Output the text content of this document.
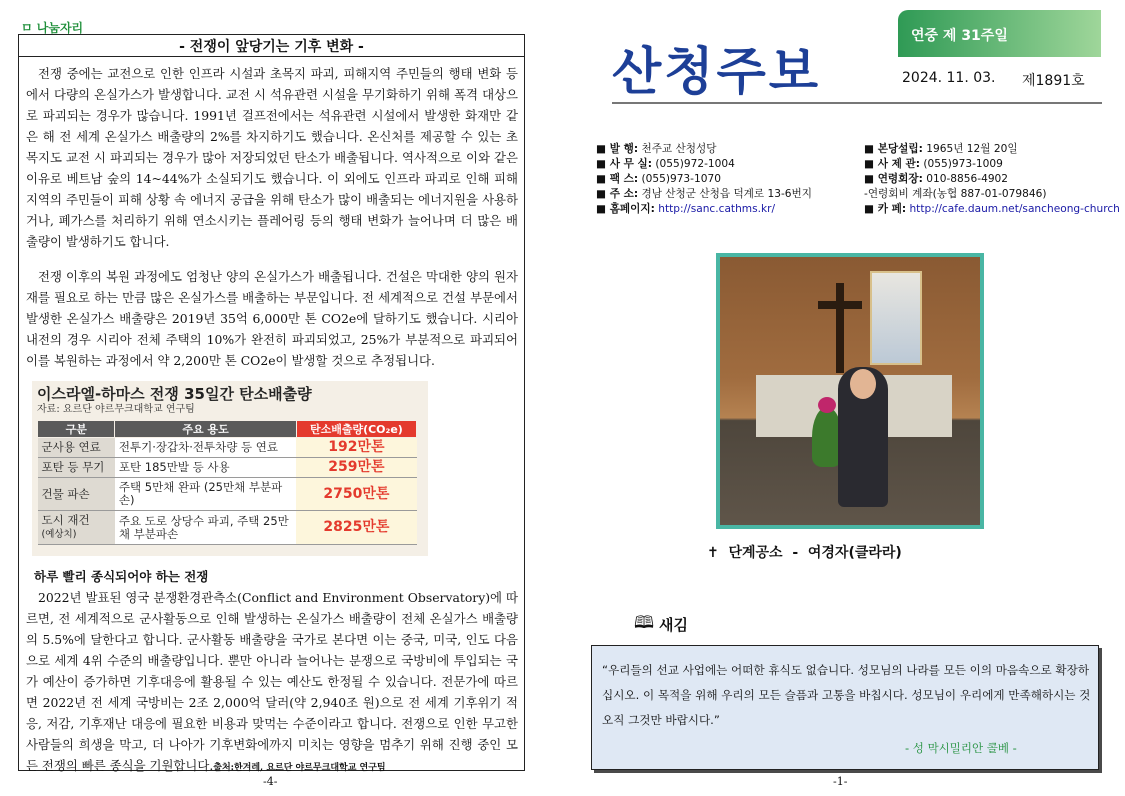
ㅁ 나눔자리
- 전쟁이 앞당기는 기후 변화 -

전쟁 중에는 교전으로 인한 인프라 시설과 초목지 파괴, 피해지역 주민들의 행태 변화 등에서 다량의 온실가스가 발생합니다. 교전 시 석유관련 시설을 무기화하기 위해 폭격 대상으로 파괴되는 경우가 많습니다. 1991년 걸프전에서는 석유관련 시설에서 발생한 화재만 같은 해 전 세계 온실가스 배출량의 2%를 차지하기도 했습니다. 온신처를 제공할 수 있는 초목지도 교전 시 파괴되는 경우가 많아 저장되었던 탄소가 배출됩니다. 역사적으로 이와 같은 이유로 베트남 숲의 14~44%가 소실되기도 했습니다. 이 외에도 인프라 파괴로 인해 피해지역의 주민들이 피해 상황 속 에너지 공급을 위해 탄소가 많이 배출되는 에너지원을 사용하거나, 폐가스를 처리하기 위해 연소시키는 플레어링 등의 행태 변화가 늘어나며 더 많은 배출량이 발생하기도 합니다.

전쟁 이후의 복원 과정에도 엄청난 양의 온실가스가 배출됩니다. 건설은 막대한 양의 원자재를 필요로 하는 만큼 많은 온실가스를 배출하는 부문입니다. 전 세계적으로 건설 부문에서 발생한 온실가스 배출량은 2019년 35억 6,000만 톤 CO2e에 달하기도 했습니다. 시리아 내전의 경우 시리아 전체 주택의 10%가 완전히 파괴되었고, 25%가 부분적으로 파괴되어 이를 복원하는 과정에서 약 2,200만 톤 CO2e이 발생할 것으로 추정됩니다.

이스라엘-하마스 전쟁 35일간 탄소배출량
자료: 요르단 야르무크대학교 연구팀
구분	주요 용도	탄소배출량(CO₂e)
군사용 연료	전투기·장갑차·전투차량 등 연료	192만톤
포탄 등 무기	포탄 185만발 등 사용	259만톤
건물 파손	주택 5만채 완파 (25만채 부분파손)	2750만톤
도시 재건
(예상치)	주요 도로 상당수 파괴, 주택 25만채 부분파손	2825만톤
하루 빨리 종식되어야 하는 전쟁

2022년 발표된 영국 분쟁환경관측소(Conflict and Environment Observatory)에 따르면, 전 세계적으로 군사활동으로 인해 발생하는 온실가스 배출량이 전체 온실가스 배출량의 5.5%에 달한다고 합니다. 군사활동 배출량을 국가로 본다면 이는 중국, 미국, 인도 다음으로 세계 4위 수준의 배출량입니다. 뿐만 아니라 늘어나는 분쟁으로 국방비에 투입되는 국가 예산이 증가하면 기후대응에 활용될 수 있는 예산도 한정될 수 있습니다. 전문가에 따르면 2022년 전 세계 국방비는 2조 2,000억 달러(약 2,940조 원)으로 전 세계 기후위기 적응, 저감, 기후재난 대응에 필요한 비용과 맞먹는 수준이라고 합니다. 전쟁으로 인한 무고한 사람들의 희생을 막고, 더 나아가 기후변화에까지 미치는 영향을 멈추기 위해 진행 중인 모든 전쟁의 빠른 종식을 기원합니다.출처:한겨레, 요르단 야르무크대학교 연구팀

-4-
산청주보
연중 제 31주일
2024. 11. 03. 제1891호
■ 발 행: 천주교 산청성당
■ 사 무 실: (055)972-1004
■ 팩 스: (055)973-1070
■ 주 소: 경남 산청군 산청읍 덕계로 13-6번지
■ 홈페이지: http://sanc.cathms.kr/
■ 본당설립: 1965년 12월 20일
■ 사 제 관: (055)973-1009
■ 연령회장: 010-8856-4902
-연령회비 계좌(농협 887-01-079846)
■ 카 페: http://cafe.daum.net/sancheong-church
✝  단계공소  -  여경자(클라라)
🕮 새김

“우리들의 선교 사업에는 어떠한 휴식도 없습니다. 성모님의 나라를 모든 이의 마음속으로 확장하십시오. 이 목적을 위해 우리의 모든 슬픔과 고통을 바칩시다. 성모님이 우리에게 만족해하시는 것 오직 그것만 바랍시다.”

- 성 막시밀리안 콜베 -
-1-
